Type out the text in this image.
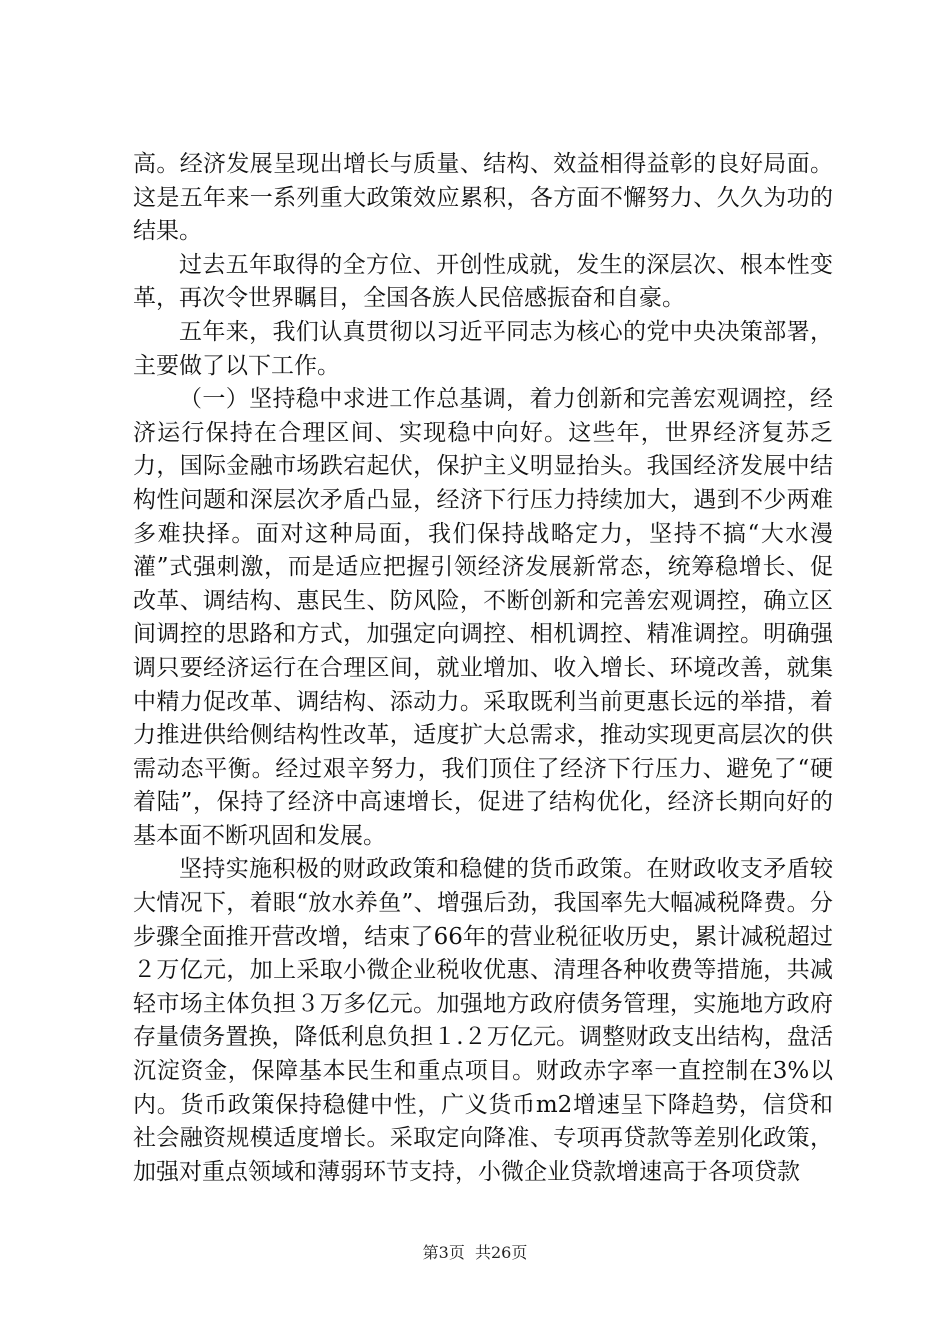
高。经济发展呈现出增长与质量、结构、效益相得益彰的良好局面。这是五年来一系列重大政策效应累积，各方面不懈努力、久久为功的结果。

过去五年取得的全方位、开创性成就，发生的深层次、根本性变革，再次令世界瞩目，全国各族人民倍感振奋和自豪。

五年来，我们认真贯彻以习近平同志为核心的党中央决策部署，主要做了以下工作。

（一）坚持稳中求进工作总基调，着力创新和完善宏观调控，经济运行保持在合理区间、实现稳中向好。这些年，世界经济复苏乏力，国际金融市场跌宕起伏，保护主义明显抬头。我国经济发展中结构性问题和深层次矛盾凸显，经济下行压力持续加大，遇到不少两难多难抉择。面对这种局面，我们保持战略定力，坚持不搞“大水漫灌”式强刺激，而是适应把握引领经济发展新常态，统筹稳增长、促改革、调结构、惠民生、防风险，不断创新和完善宏观调控，确立区间调控的思路和方式，加强定向调控、相机调控、精准调控。明确强调只要经济运行在合理区间，就业增加、收入增长、环境改善，就集中精力促改革、调结构、添动力。采取既利当前更惠长远的举措，着力推进供给侧结构性改革，适度扩大总需求，推动实现更高层次的供需动态平衡。经过艰辛努力，我们顶住了经济下行压力、避免了“硬着陆”，保持了经济中高速增长，促进了结构优化，经济长期向好的基本面不断巩固和发展。

坚持实施积极的财政政策和稳健的货币政策。在财政收支矛盾较大情况下，着眼“放水养鱼”、增强后劲，我国率先大幅减税降费。分步骤全面推开营改增，结束了66年的营业税征收历史，累计减税超过２万亿元，加上采取小微企业税收优惠、清理各种收费等措施，共减轻市场主体负担３万多亿元。加强地方政府债务管理，实施地方政府存量债务置换，降低利息负担１.２万亿元。调整财政支出结构，盘活沉淀资金，保障基本民生和重点项目。财政赤字率一直控制在3%以内。货币政策保持稳健中性，广义货币m2增速呈下降趋势，信贷和社会融资规模适度增长。采取定向降准、专项再贷款等差别化政策，加强对重点领域和薄弱环节支持，小微企业贷款增速高于各项贷款

第3页  共26页
